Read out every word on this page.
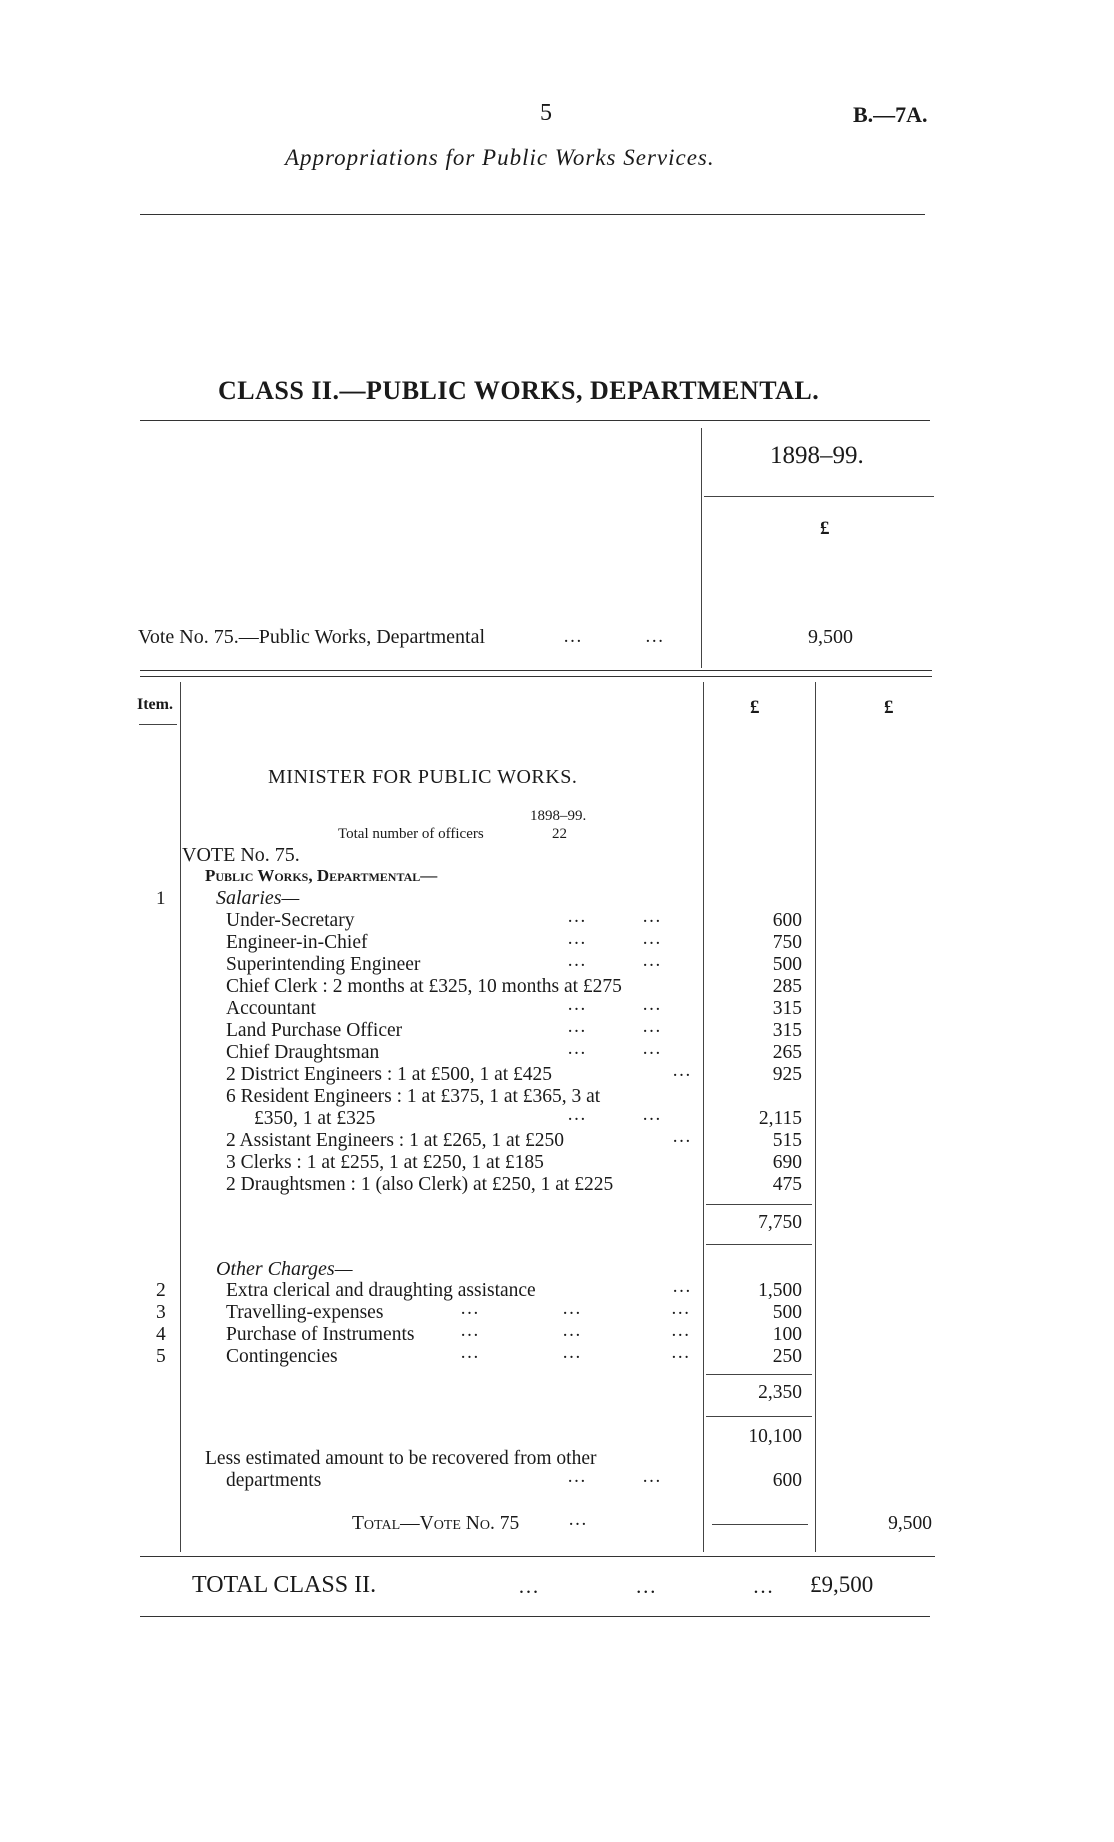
5	B.—7A.
Appropriations for Public Works Services.
CLASS II.—PUBLIC WORKS, DEPARTMENTAL.
1898–99.
£
Vote No. 75.—Public Works, Departmental	…         …	9,500
Item.	£	£
MINISTER FOR PUBLIC WORKS.
1898–99.
Total number of officers	22
VOTE No. 75.
Public Works, Departmental—
1	Salaries—
Under-Secretary	…        …	600
Engineer-in-Chief	…        …	750
Superintending Engineer	…        …	500
Chief Clerk : 2 months at £325, 10 months at £275	285
Accountant	…        …	315
Land Purchase Officer	…        …	315
Chief Draughtsman	…        …	265
2 District Engineers : 1 at £500, 1 at £425	…	925
6 Resident Engineers : 1 at £375, 1 at £365, 3 at
£350, 1 at £325	…        …	2,115
2 Assistant Engineers : 1 at £265, 1 at £250	…	515
3 Clerks : 1 at £255, 1 at £250, 1 at £185	690
2 Draughtsmen : 1 (also Clerk) at £250, 1 at £225	475
7,750
Other Charges—
2	Extra clerical and draughting assistance	…	1,500
3	Travelling-expenses	…            …             …	500
4	Purchase of Instruments …            …             …	100
5	Contingencies	…            …             …	250
2,350
10,100
Less estimated amount to be recovered from other
departments	…        …	600
Total—Vote No. 75	…	9,500
TOTAL CLASS II.	…             …             … £9,500
